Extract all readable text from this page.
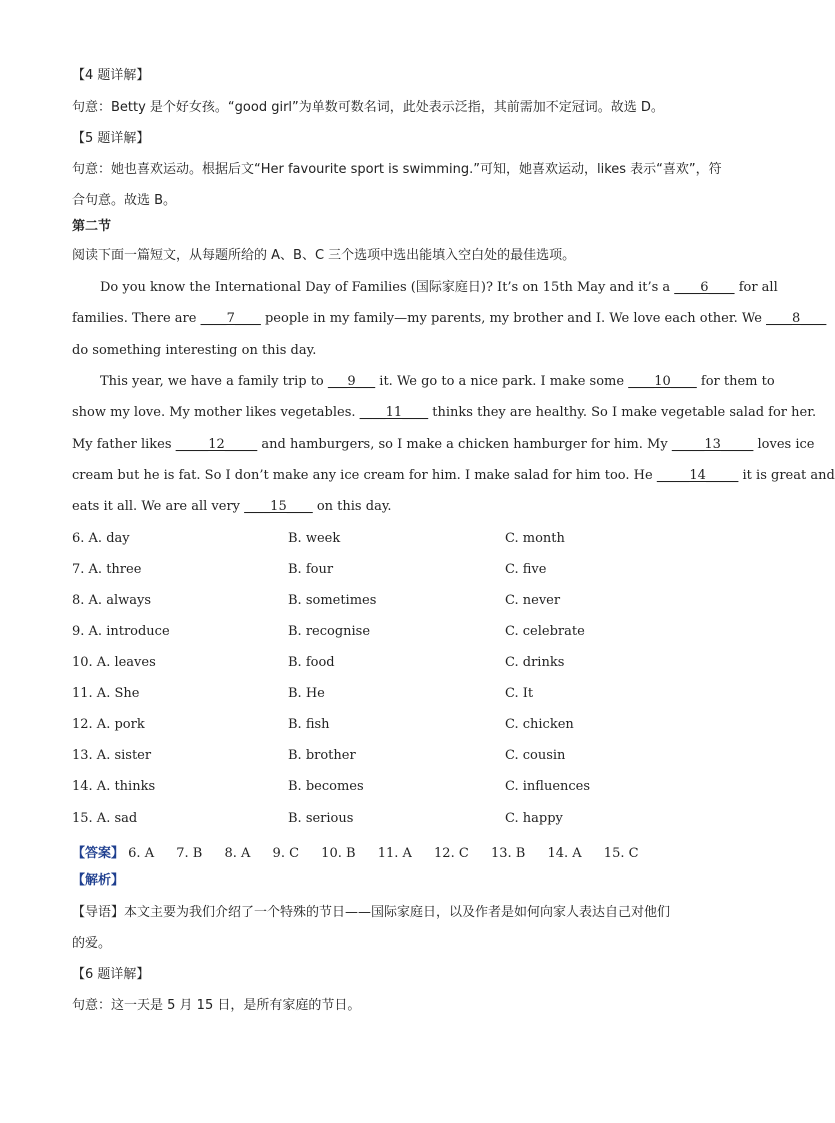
【4 题详解】
句意：Betty 是个好女孩。“good girl”为单数可数名词，此处表示泛指，其前需加不定冠词。故选 D。
【5 题详解】
句意：她也喜欢运动。根据后文“Her favourite sport is swimming.”可知，她喜欢运动，likes 表示“喜欢”，符
合句意。故选 B。
第二节
阅读下面一篇短文，从每题所给的 A、B、C 三个选项中选出能填入空白处的最佳选项。
Do you know the International Day of Families (国际家庭日)? It’s on 15th May and it’s a ____6____ for all
families. There are ____7____ people in my family—my parents, my brother and I. We love each other. We ____8____
do something interesting on this day.
This year, we have a family trip to ___9___ it. We go to a nice park. I make some ____10____ for them to
show my love. My mother likes vegetables. ____11____ thinks they are healthy. So I make vegetable salad for her.
My father likes _____12_____ and hamburgers, so I make a chicken hamburger for him. My _____13_____ loves ice
cream but he is fat. So I don’t make any ice cream for him. I make salad for him too. He _____14_____ it is great and
eats it all. We are all very ____15____ on this day.
6. A. day	B. week	C. month
7. A. three	B. four	C. five
8. A. always	B. sometimes	C. never
9. A. introduce	B. recognise	C. celebrate
10. A. leaves	B. food	C. drinks
11. A. She	B. He	C. It
12. A. pork	B. fish	C. chicken
13. A. sister	B. brother	C. cousin
14. A. thinks	B. becomes	C. influences
15. A. sad	B. serious	C. happy
【答案】 6. A 7. B 8. A 9. C 10. B 11. A 12. C 13. B 14. A 15. C
【解析】
【导语】本文主要为我们介绍了一个特殊的节日——国际家庭日，以及作者是如何向家人表达自己对他们
的爱。
【6 题详解】
句意：这一天是 5 月 15 日，是所有家庭的节日。
